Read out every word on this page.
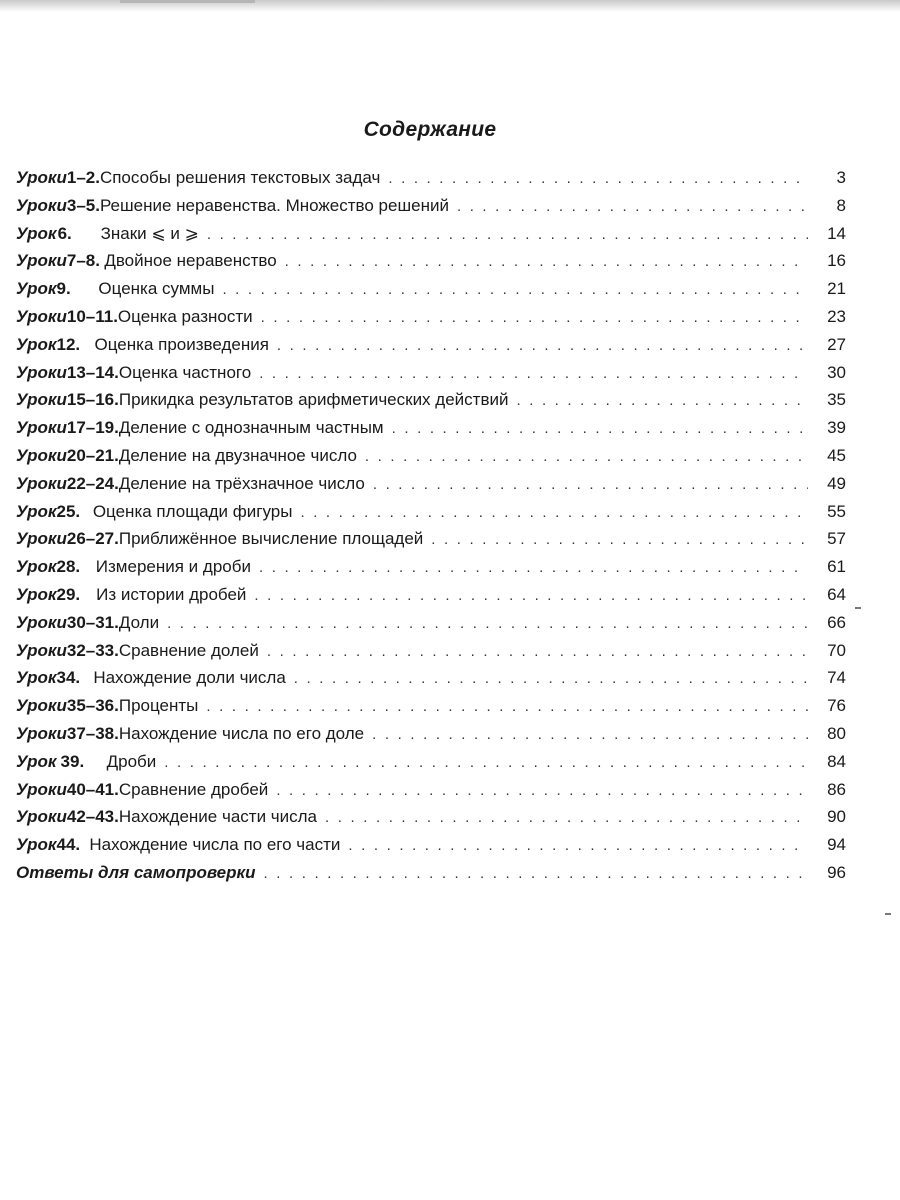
Содержание
Уроки 1–2. Способы решения текстовых задач . . .	3
Уроки 3–5. Решение неравенства. Множество решений . . .	8
Урок 6.	Знаки ⩽ и ⩾ . . .	14
Уроки 7–8. Двойное неравенство . . .	16
Урок 9.	Оценка суммы . . .	21
Уроки 10–11. Оценка разности . . .	23
Урок 12. Оценка произведения . . .	27
Уроки 13–14. Оценка частного . . .	30
Уроки 15–16. Прикидка результатов арифметических действий . . .	35
Уроки 17–19. Деление с однозначным частным . . .	39
Уроки 20–21. Деление на двузначное число . . .	45
Уроки 22–24. Деление на трёхзначное число . . .	49
Урок 25. Оценка площади фигуры . . .	55
Уроки 26–27. Приближённое вычисление площадей . . .	57
Урок 28. Измерения и дроби . . .	61
Урок 29. Из истории дробей . . .	64
Уроки 30–31. Доли . . .	66
Уроки 32–33. Сравнение долей . . .	70
Урок 34. Нахождение доли числа . . .	74
Уроки 35–36. Проценты . . .	76
Уроки 37–38. Нахождение числа по его доле . . .	80
Урок 39.	Дроби . . .	84
Уроки 40–41. Сравнение дробей . . .	86
Уроки 42–43. Нахождение части числа . . .	90
Урок 44. Нахождение числа по его части . . .	94
Ответы для самопроверки . . .	96
